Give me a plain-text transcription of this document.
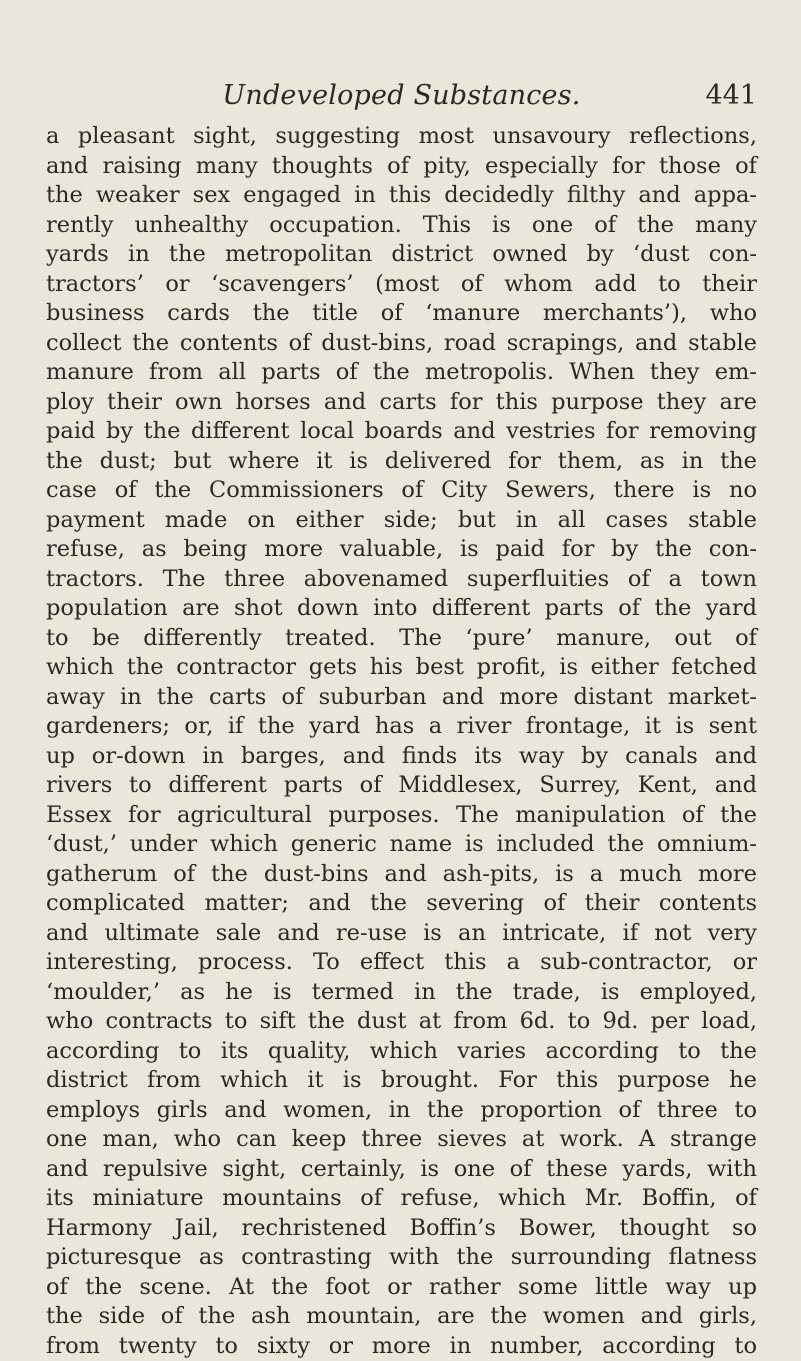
Undeveloped Substances.	441
a pleasant sight, suggesting most unsavoury reflections,
and raising many thoughts of pity, especially for those of
the weaker sex engaged in this decidedly filthy and appa-
rently unhealthy occupation. This is one of the many
yards in the metropolitan district owned by ‘dust con-
tractors’ or ‘scavengers’ (most of whom add to their
business cards the title of ‘manure merchants’), who
collect the contents of dust-bins, road scrapings, and stable
manure from all parts of the metropolis. When they em-
ploy their own horses and carts for this purpose they are
paid by the different local boards and vestries for removing
the dust; but where it is delivered for them, as in the
case of the Commissioners of City Sewers, there is no
payment made on either side; but in all cases stable
refuse, as being more valuable, is paid for by the con-
tractors. The three abovenamed superfluities of a town
population are shot down into different parts of the yard
to be differently treated. The ‘pure’ manure, out of
which the contractor gets his best profit, is either fetched
away in the carts of suburban and more distant market-
gardeners; or, if the yard has a river frontage, it is sent
up or-down in barges, and finds its way by canals and
rivers to different parts of Middlesex, Surrey, Kent, and
Essex for agricultural purposes. The manipulation of the
‘dust,’ under which generic name is included the omnium-
gatherum of the dust-bins and ash-pits, is a much more
complicated matter; and the severing of their contents
and ultimate sale and re-use is an intricate, if not very
interesting, process. To effect this a sub-contractor, or
‘moulder,’ as he is termed in the trade, is employed,
who contracts to sift the dust at from 6d. to 9d. per load,
according to its quality, which varies according to the
district from which it is brought. For this purpose he
employs girls and women, in the proportion of three to
one man, who can keep three sieves at work. A strange
and repulsive sight, certainly, is one of these yards, with
its miniature mountains of refuse, which Mr. Boffin, of
Harmony Jail, rechristened Boffin’s Bower, thought so
picturesque as contrasting with the surrounding flatness
of the scene. At the foot or rather some little way up
the side of the ash mountain, are the women and girls,
from twenty to sixty or more in number, according to
